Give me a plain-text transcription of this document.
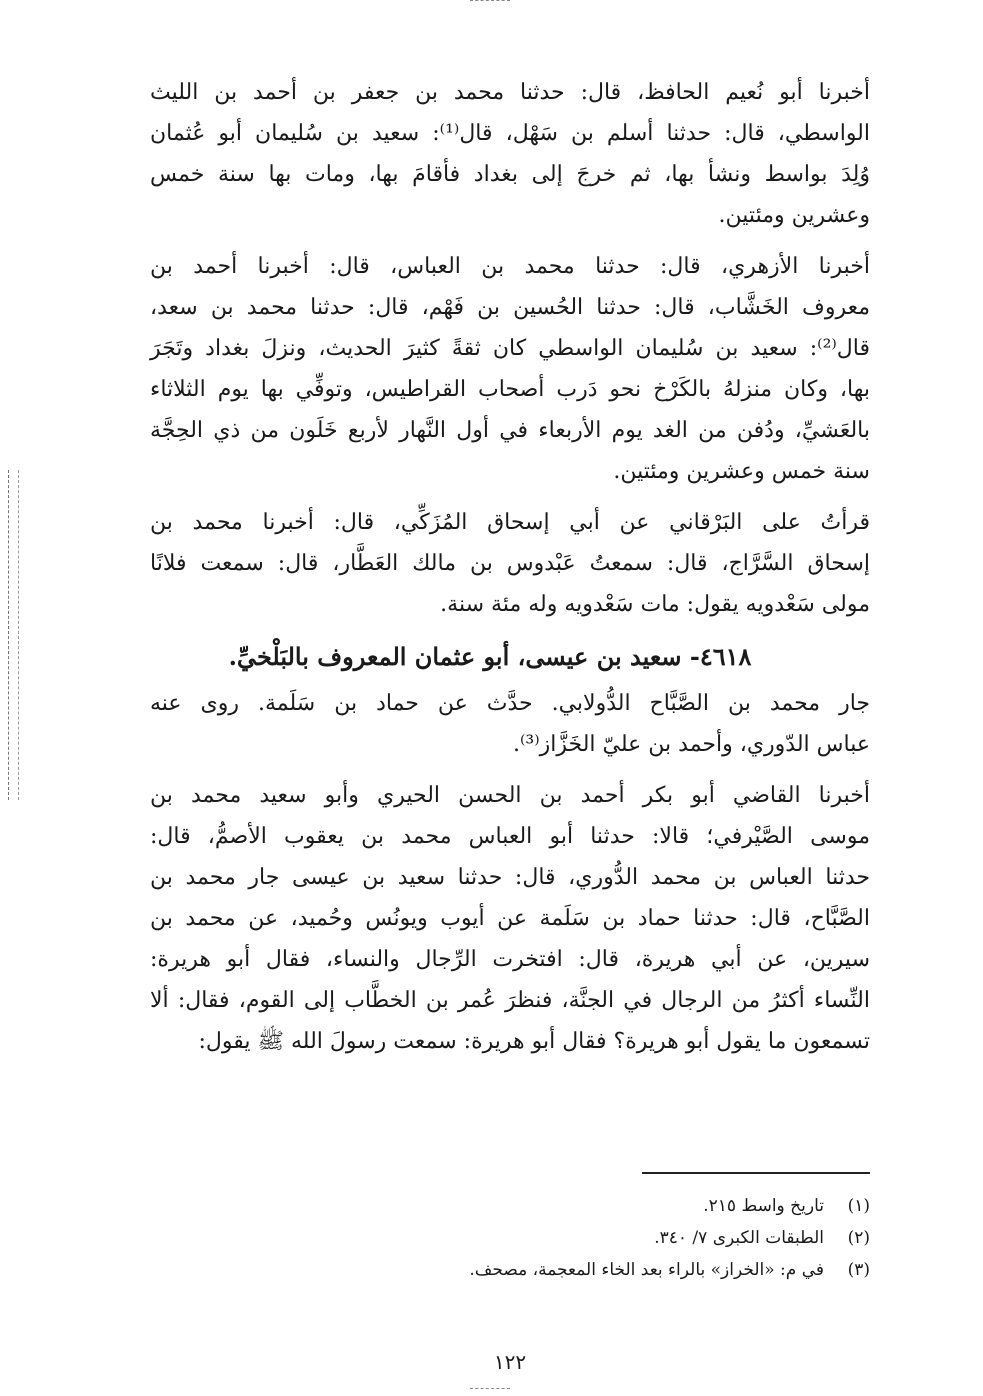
أخبرنا أبو نُعيم الحافظ، قال: حدثنا محمد بن جعفر بن أحمد بن الليث
الواسطي، قال: حدثنا أسلم بن سَهْل، قال⁽¹⁾: سعيد بن سُليمان أبو عُثمان
وُلِدَ بواسط ونشأ بها، ثم خرجَ إلى بغداد فأقامَ بها، ومات بها سنة خمس
وعشرين ومئتين.
أخبرنا الأزهري، قال: حدثنا محمد بن العباس، قال: أخبرنا أحمد بن
معروف الخَشَّاب، قال: حدثنا الحُسين بن فَهْم، قال: حدثنا محمد بن سعد،
قال⁽²⁾: سعيد بن سُليمان الواسطي كان ثقةً كثيرَ الحديث، ونزلَ بغداد وتَجَرَ
بها، وكان منزلهُ بالكَرْخ نحو دَرب أصحاب القراطيس، وتوفِّي بها يوم الثلاثاء
بالعَشيِّ، ودُفن من الغد يوم الأربعاء في أول النَّهار لأربع خَلَون من ذي الحِجَّة
سنة خمس وعشرين ومئتين.
قرأتُ على البَرْقاني عن أبي إسحاق المُزَكِّي، قال: أخبرنا محمد بن
إسحاق السَّرَّاج، قال: سمعتُ عَبْدوس بن مالك العَطَّار، قال: سمعت فلانًا
مولى سَعْدويه يقول: مات سَعْدويه وله مئة سنة.
٤٦١٨- سعيد بن عيسى، أبو عثمان المعروف بالبَلْخيِّ.
جار محمد بن الصَّبَّاح الدُّولابي. حدَّث عن حماد بن سَلَمة. روى عنه
عباس الدّوري، وأحمد بن عليّ الخَزَّاز⁽³⁾.
أخبرنا القاضي أبو بكر أحمد بن الحسن الحيري وأبو سعيد محمد بن
موسى الصَّيْرفي؛ قالا: حدثنا أبو العباس محمد بن يعقوب الأصمُّ، قال:
حدثنا العباس بن محمد الدُّوري، قال: حدثنا سعيد بن عيسى جار محمد بن
الصَّبَّاح، قال: حدثنا حماد بن سَلَمة عن أيوب ويونُس وحُميد، عن محمد بن
سيرين، عن أبي هريرة، قال: افتخرت الرِّجال والنساء، فقال أبو هريرة:
النِّساء أكثرُ من الرجال في الجنَّة، فنظرَ عُمر بن الخطَّاب إلى القوم، فقال: ألا
تسمعون ما يقول أبو هريرة؟ فقال أبو هريرة: سمعت رسولَ الله ﷺ يقول:
(١)تاريخ واسط ٢١٥.
(٢)الطبقات الكبرى ٧/ ٣٤٠.
(٣)في م: «الخراز» بالراء بعد الخاء المعجمة، مصحف.
١٢٢
